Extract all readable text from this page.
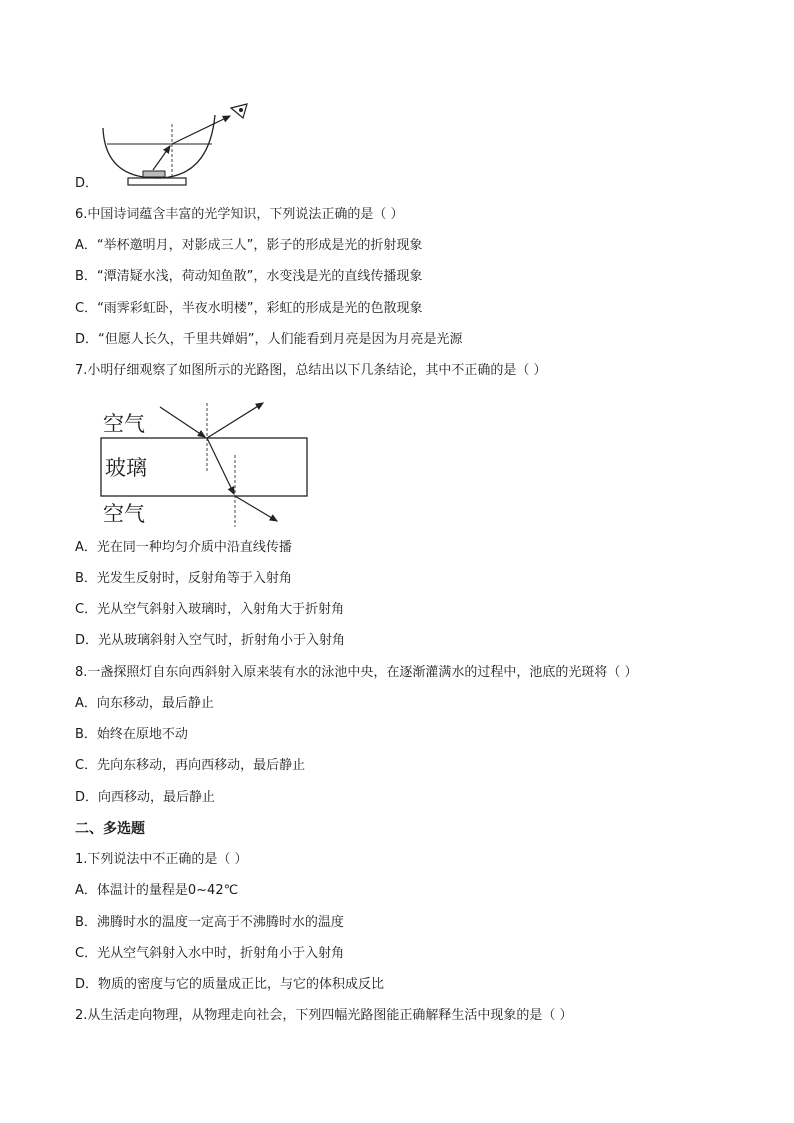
D．
6.中国诗词蕴含丰富的光学知识，下列说法正确的是（ ）
A．“举杯邀明月，对影成三人”，影子的形成是光的折射现象
B．“潭清疑水浅，荷动知鱼散”，水变浅是光的直线传播现象
C．“雨霁彩虹卧，半夜水明楼”，彩虹的形成是光的色散现象
D．“但愿人长久，千里共婵娟”，人们能看到月亮是因为月亮是光源
7.小明仔细观察了如图所示的光路图，总结出以下几条结论，其中不正确的是（ ）
空气
玻璃
空气
A．光在同一种均匀介质中沿直线传播
B．光发生反射时，反射角等于入射角
C．光从空气斜射入玻璃时，入射角大于折射角
D．光从玻璃斜射入空气时，折射角小于入射角
8.一盏探照灯自东向西斜射入原来装有水的泳池中央，在逐渐灌满水的过程中，池底的光斑将（ ）
A．向东移动，最后静止
B．始终在原地不动
C．先向东移动，再向西移动，最后静止
D．向西移动，最后静止
二、多选题
1.下列说法中不正确的是（ ）
A．体温计的量程是0~42℃
B．沸腾时水的温度一定高于不沸腾时水的温度
C．光从空气斜射入水中时，折射角小于入射角
D．物质的密度与它的质量成正比，与它的体积成反比
2.从生活走向物理，从物理走向社会，下列四幅光路图能正确解释生活中现象的是（ ）
